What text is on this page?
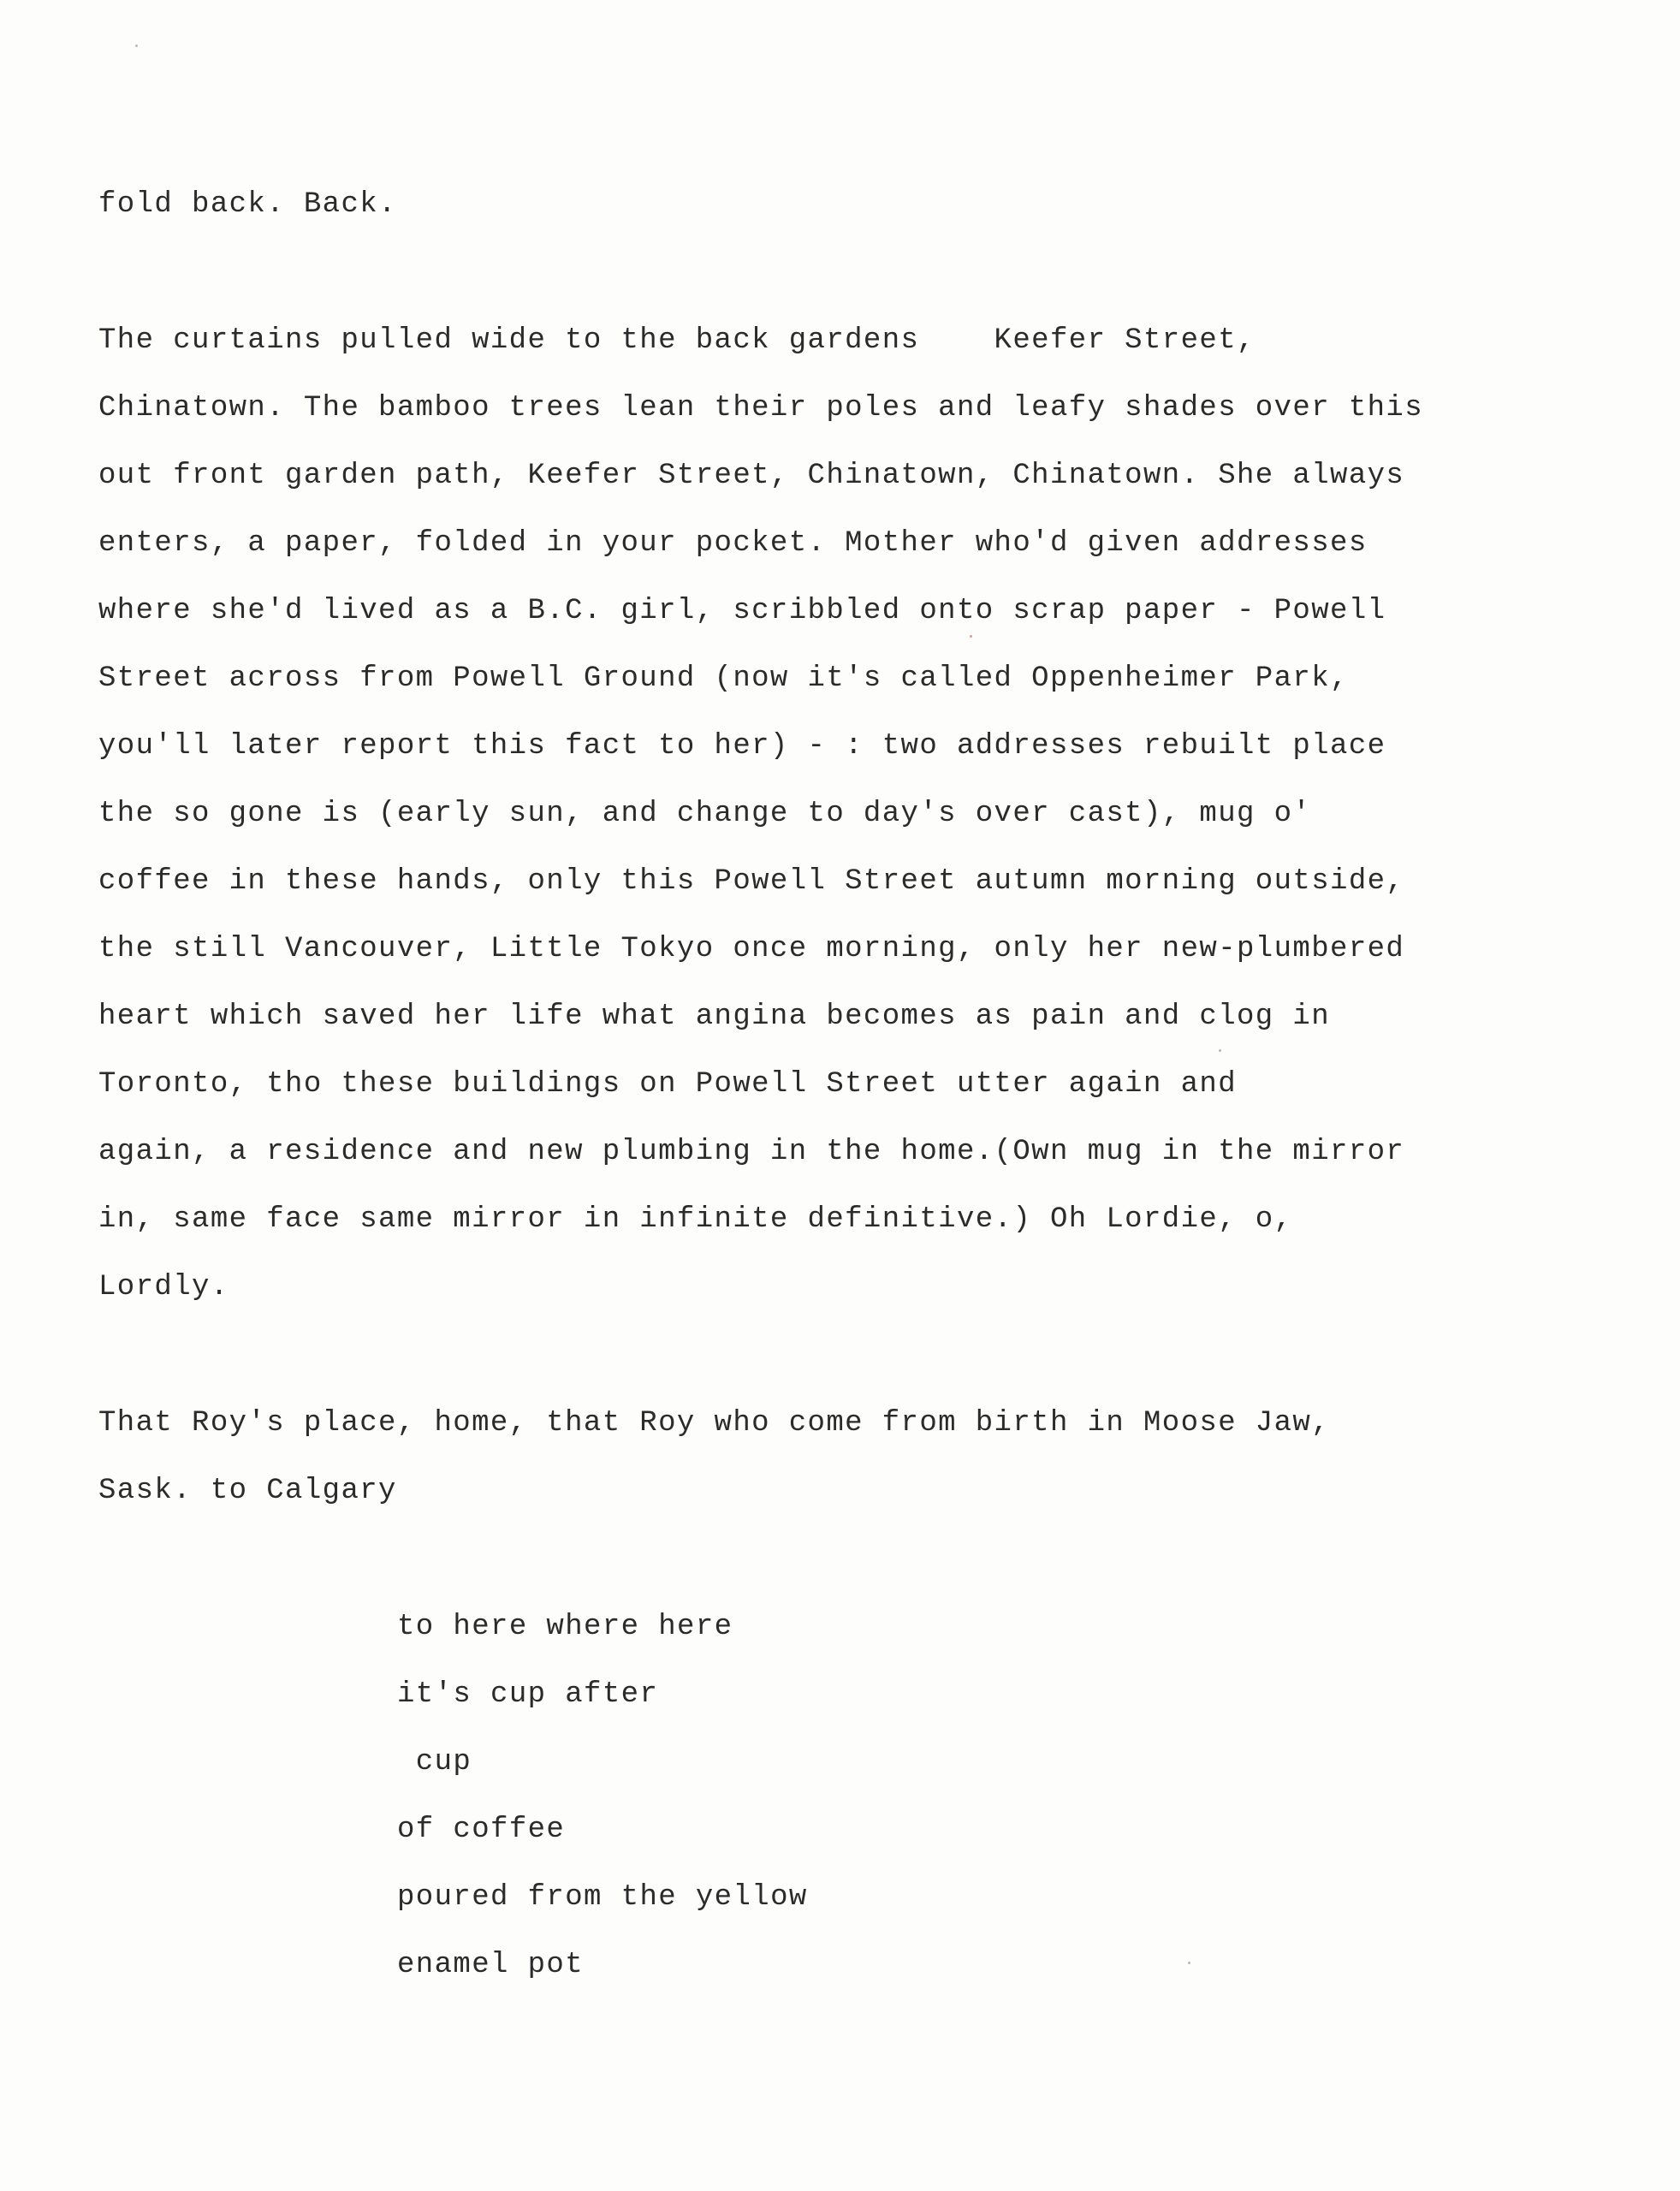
fold back. Back.

The curtains pulled wide to the back gardens    Keefer Street,
Chinatown. The bamboo trees lean their poles and leafy shades over this
out front garden path, Keefer Street, Chinatown, Chinatown. She always
enters, a paper, folded in your pocket. Mother who'd given addresses
where she'd lived as a B.C. girl, scribbled onto scrap paper - Powell
Street across from Powell Ground (now it's called Oppenheimer Park,
you'll later report this fact to her) - : two addresses rebuilt place
the so gone is (early sun, and change to day's over cast), mug o'
coffee in these hands, only this Powell Street autumn morning outside,
the still Vancouver, Little Tokyo once morning, only her new-plumbered
heart which saved her life what angina becomes as pain and clog in
Toronto, tho these buildings on Powell Street utter again and
again, a residence and new plumbing in the home.(Own mug in the mirror
in, same face same mirror in infinite definitive.) Oh Lordie, o,
Lordly.

That Roy's place, home, that Roy who come from birth in Moose Jaw,
Sask. to Calgary

to here where here
it's cup after
cup
of coffee
poured from the yellow
enamel pot
